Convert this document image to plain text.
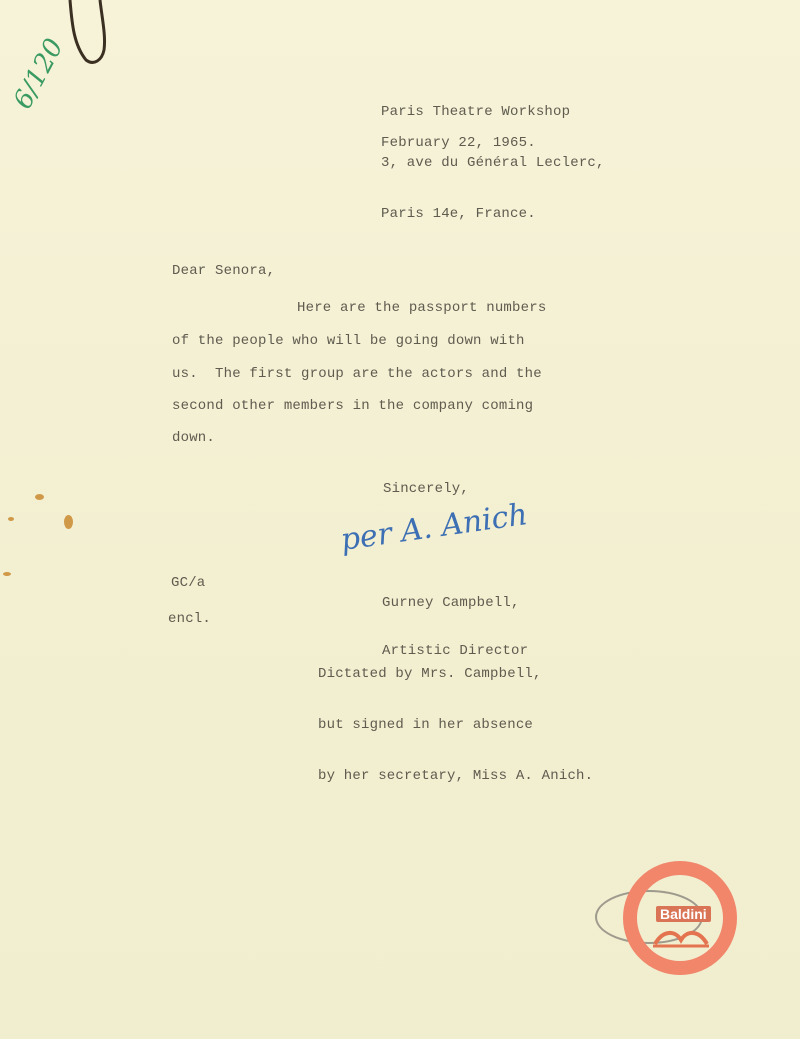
6/120

	Paris Theatre Workshop

3, ave du Général Leclerc,

Paris 14e, France.

February 22, 1965.
Dear Senora,
Here are the passport numbers
of the people who will be going down with
us.  The first group are the actors and the
second other members in the company coming
down.
Sincerely,
per A. Anich

Gurney Campbell,

Artistic Director

GC/a
encl.

Dictated by Mrs. Campbell,

but signed in her absence

by her secretary, Miss A. Anich.

Baldini
